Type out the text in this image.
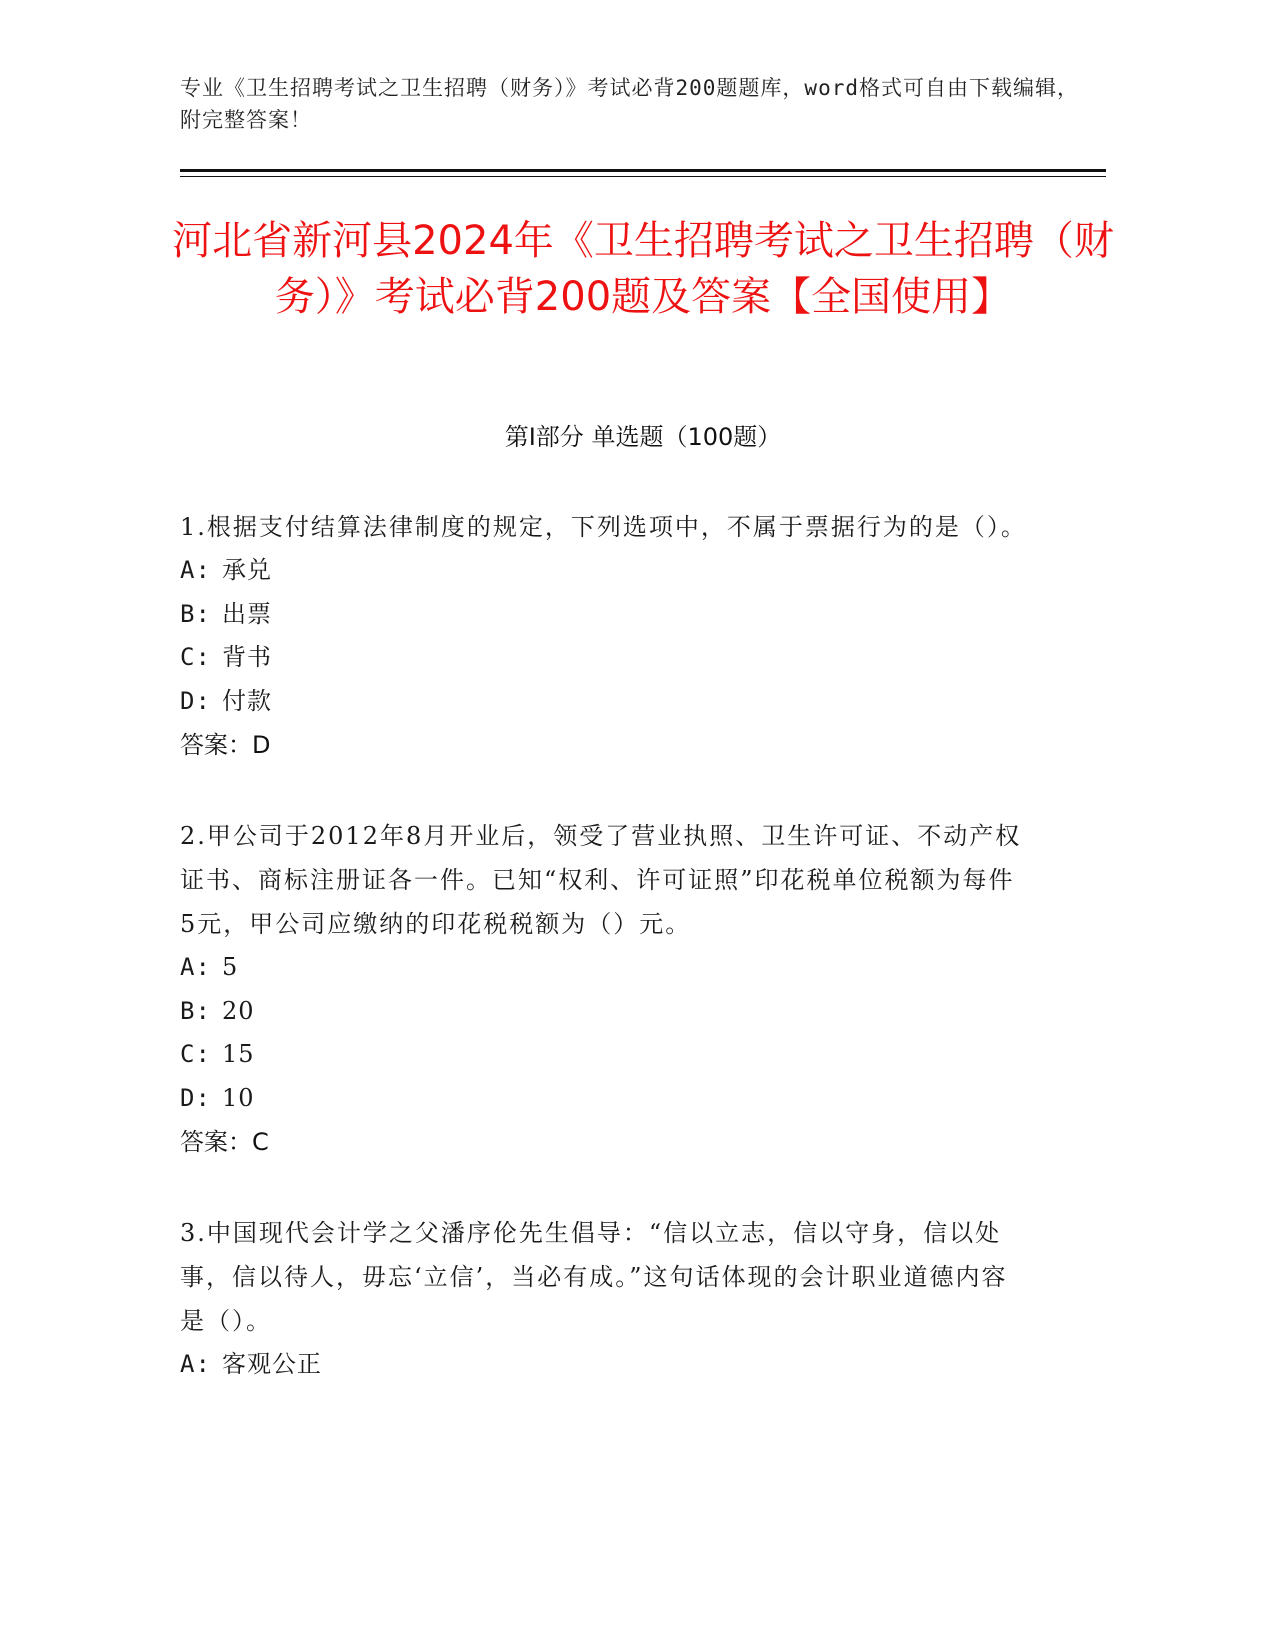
专业《卫生招聘考试之卫生招聘（财务）》考试必背200题题库，word格式可自由下载编辑，附完整答案！
河北省新河县2024年《卫生招聘考试之卫生招聘（财务）》考试必背200题及答案【全国使用】
第Ⅰ部分 单选题（100题）
1.根据支付结算法律制度的规定，下列选项中，不属于票据行为的是（）。
A: 承兑
B: 出票
C: 背书
D: 付款
答案：D
2.甲公司于2012年8月开业后，领受了营业执照、卫生许可证、不动产权证书、商标注册证各一件。已知“权利、许可证照”印花税单位税额为每件5元，甲公司应缴纳的印花税税额为（）元。
A: 5
B: 20
C: 15
D: 10
答案：C
3.中国现代会计学之父潘序伦先生倡导：“信以立志，信以守身，信以处事，信以待人，毋忘‘立信’，当必有成。”这句话体现的会计职业道德内容是（）。
A: 客观公正
